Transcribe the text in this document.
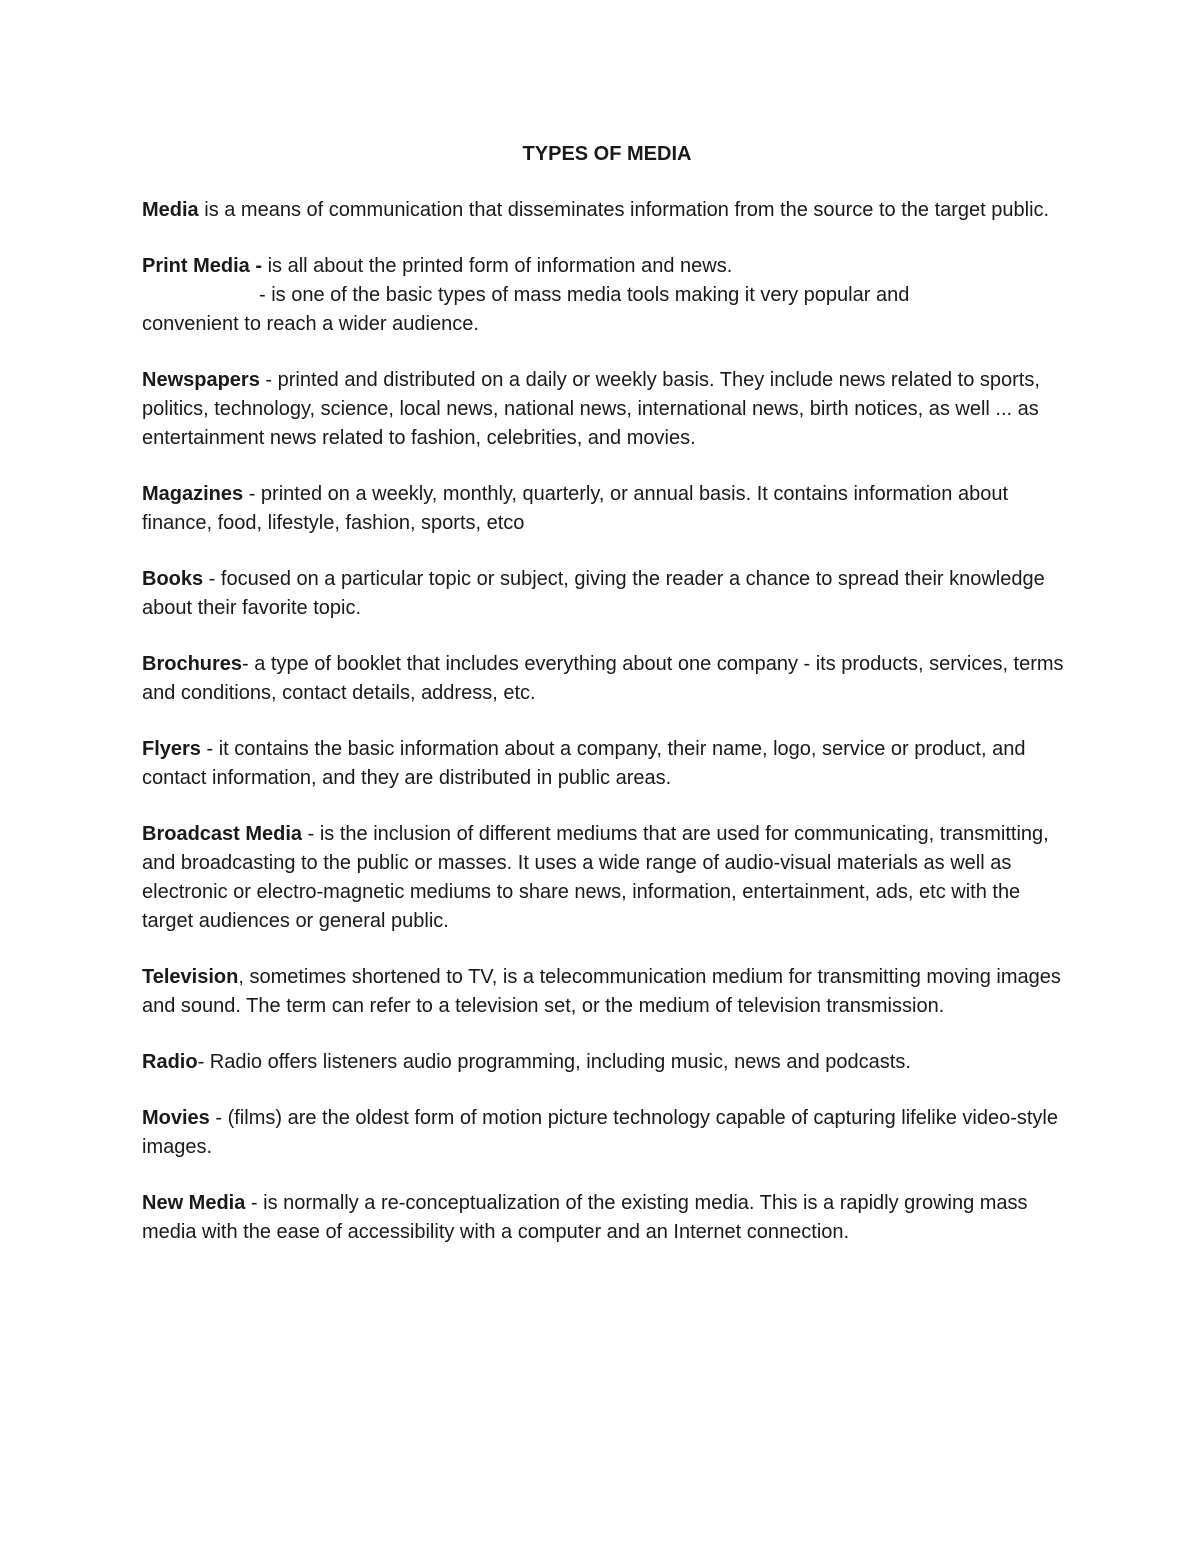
TYPES OF MEDIA
Media is a means of communication that disseminates information from the source to the target public.
Print Media - is all about the printed form of information and news.
- is one of the basic types of mass media tools making it very popular and
convenient to reach a wider audience.
Newspapers - printed and distributed on a daily or weekly basis. They include news related to sports, politics, technology, science, local news, national news, international news, birth notices, as well ... as entertainment news related to fashion, celebrities, and movies.
Magazines - printed on a weekly, monthly, quarterly, or annual basis. It contains information about finance, food, lifestyle, fashion, sports, etco
Books - focused on a particular topic or subject, giving the reader a chance to spread their knowledge about their favorite topic.
Brochures- a type of booklet that includes everything about one company - its products, services, terms and conditions, contact details, address, etc.
Flyers - it contains the basic information about a company, their name, logo, service or product, and contact information, and they are distributed in public areas.
Broadcast Media - is the inclusion of different mediums that are used for communicating, transmitting, and broadcasting to the public or masses. It uses a wide range of audio-visual materials as well as electronic or electro-magnetic mediums to share news, information, entertainment, ads, etc with the target audiences or general public.
Television, sometimes shortened to TV, is a telecommunication medium for transmitting moving images and sound. The term can refer to a television set, or the medium of television transmission.
Radio- Radio offers listeners audio programming, including music, news and podcasts.
Movies - (films) are the oldest form of motion picture technology capable of capturing lifelike video-style images.
New Media - is normally a re-conceptualization of the existing media. This is a rapidly growing mass media with the ease of accessibility with a computer and an Internet connection.
